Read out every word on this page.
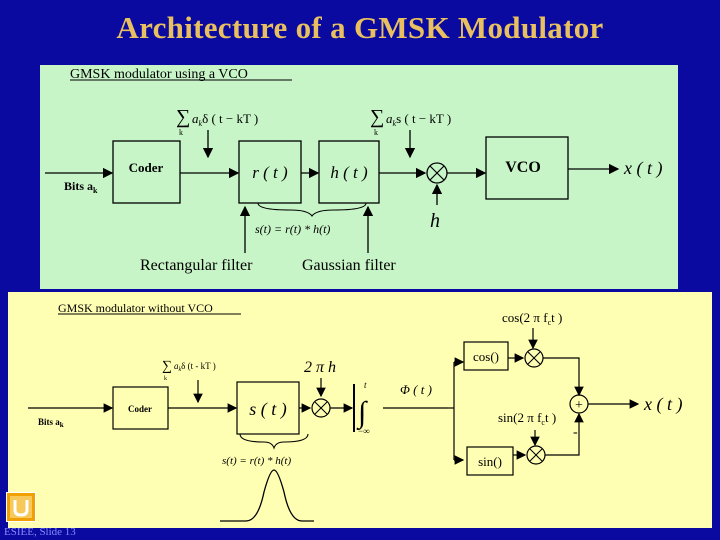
Architecture of a GMSK Modulator
GMSK modulator using a VCO
Bits $a_k$
Coder
∑ $a_k\delta$ ( t − kT )
k
r ( t )	h ( t )
∑ $a_ks$ ( t − kT )
k
h
VCO	x ( t )
s(t) = r(t) * h(t)
Rectangular filter	Gaussian filter
GMSK modulator without VCO
Bits $a_k$
Coder
∑ $a_k\delta$ (t - kT )
k
s ( t )
2 π h
∫
t
−∞
Φ ( t )
cos()
sin()
cos(2 π $f_ct$ )
sin(2 π $f_ct$ )
+
-
x ( t )
s(t) = r(t) * h(t)
ESIEE, Slide 13
